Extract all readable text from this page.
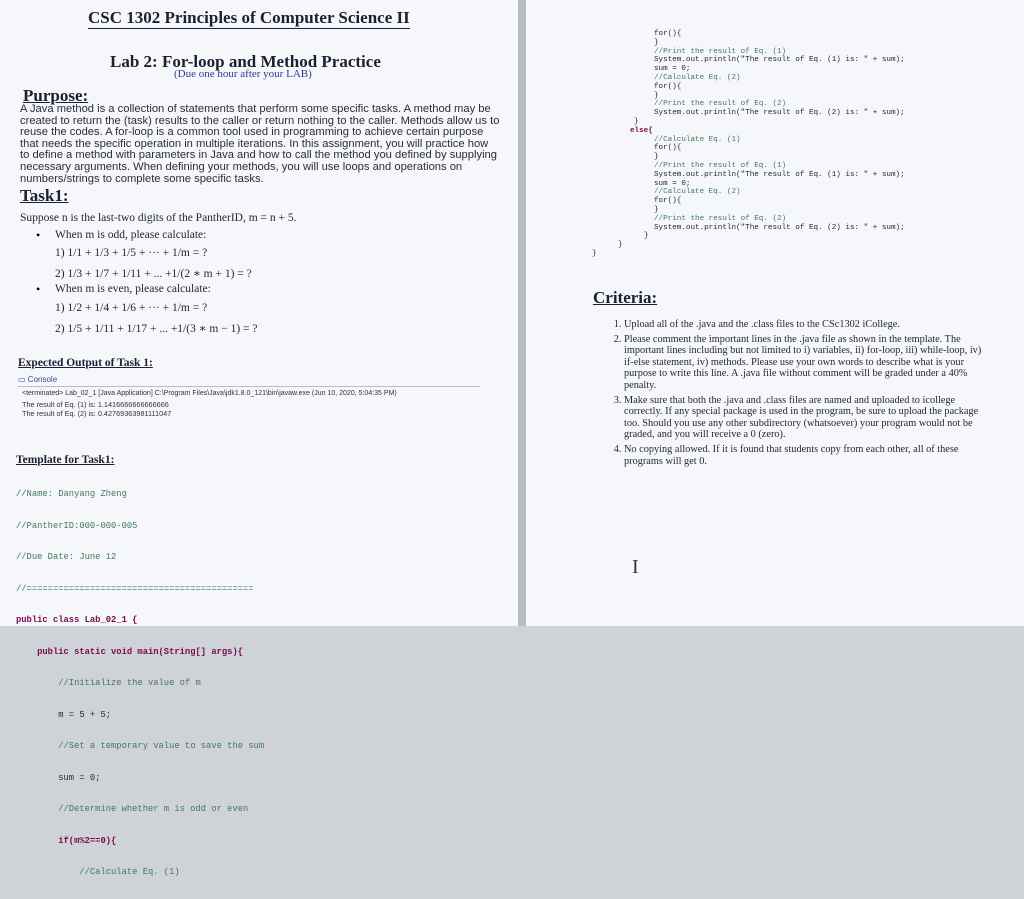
CSC 1302 Principles of Computer Science II
Lab 2: For-loop and Method Practice
(Due one hour after your LAB)
Purpose:
A Java method is a collection of statements that perform some specific tasks. A method may be
created to return the (task) results to the caller or return nothing to the caller. Methods allow us to
reuse the codes. A for-loop is a common tool used in programming to achieve certain purpose
that needs the specific operation in multiple iterations. In this assignment, you will practice how
to define a method with parameters in Java and how to call the method you defined by supplying
necessary arguments. When defining your methods, you will use loops and operations on
numbers/strings to complete some specific tasks.
Task1:
Suppose n is the last-two digits of the PantherID, m = n + 5.
• When m is odd, please calculate:
1) 1/1 + 1/3 + 1/5 + ··· + 1/m = ?
2) 1/3 + 1/7 + 1/11 + ... +1/(2 ∗ m + 1) = ?
• When m is even, please calculate:
1) 1/2 + 1/4 + 1/6 + ··· + 1/m = ?
2) 1/5 + 1/11 + 1/17 + ... +1/(3 ∗ m − 1) = ?
Expected Output of Task 1:
▭ Console
<terminated> Lab_02_1 [Java Application] C:\Program Files\Java\jdk1.8.0_121\bin\javaw.exe (Jun 10, 2020, 5:04:35 PM)
The result of Eq. (1) is: 1.1416666666666666
The result of Eq. (2) is: 0.42769363981111047
Template for Task1:

//Name: Danyang Zheng

//PantherID:000-000-005

//Due Date: June 12

//===========================================

public class Lab_02_1 {

public static void main(String[] args){

//Initialize the value of m

m = 5 + 5;

//Set a temporary value to save the sum

sum = 0;

//Determine whether m is odd or even

if(m%2==0){

//Calculate Eq. (1)

for(){
}
//Print the result of Eq. (1)
System.out.println("The result of Eq. (1) is: " + sum);
sum = 0;
//Calculate Eq. (2)
for(){
}
//Print the result of Eq. (2)
System.out.println("The result of Eq. (2) is: " + sum);
}
else{
//Calculate Eq. (1)
for(){
}
//Print the result of Eq. (1)
System.out.println("The result of Eq. (1) is: " + sum);
sum = 0;
//Calculate Eq. (2)
for(){
}
//Print the result of Eq. (2)
System.out.println("The result of Eq. (2) is: " + sum);
}
}
}
Criteria:
1. Upload all of the .java and the .class files to the CSc1302 iCollege.
2. Please comment the important lines in the .java file as shown in the template. The important lines including but not limited to i) variables, ii) for-loop, iii) while-loop, iv) if-else statement, iv) methods. Please use your own words to describe what is your purpose to write this line. A .java file without comment will be graded under a 40% penalty.
3. Make sure that both the .java and .class files are named and uploaded to icollege correctly. If any special package is used in the program, be sure to upload the package too. Should you use any other subdirectory (whatsoever) your program would not be graded, and you will receive a 0 (zero).
4. No copying allowed. If it is found that students copy from each other, all of these programs will get 0.
I
